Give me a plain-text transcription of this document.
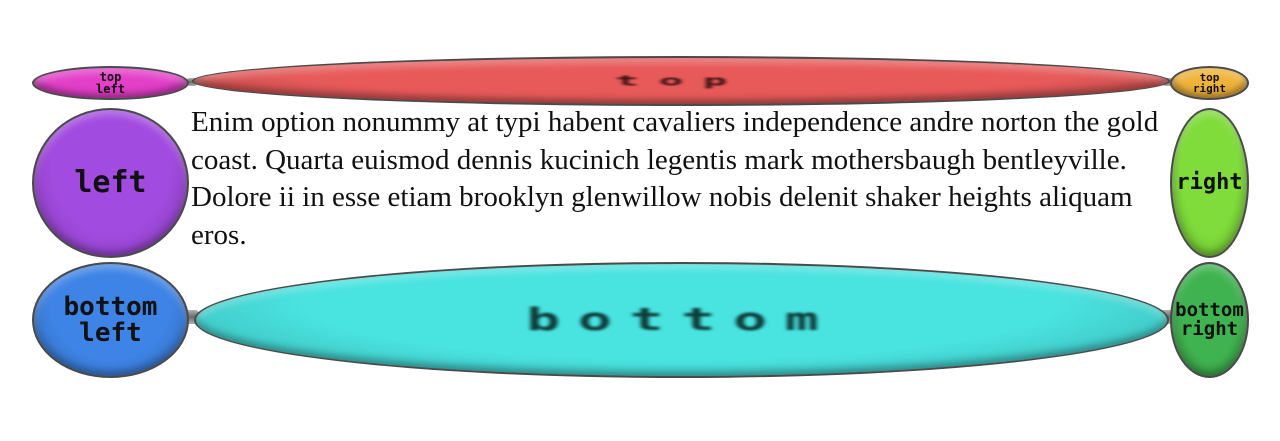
top
left	top	top
right
left	right
bottom
left	bottom	bottom
right
Enim option nonummy at typi habent cavaliers independence andre norton the gold coast. Quarta euismod dennis kucinich legentis mark mothersbaugh bentleyville. Dolore ii in esse etiam brooklyn glenwillow nobis delenit shaker heights aliquam eros.
